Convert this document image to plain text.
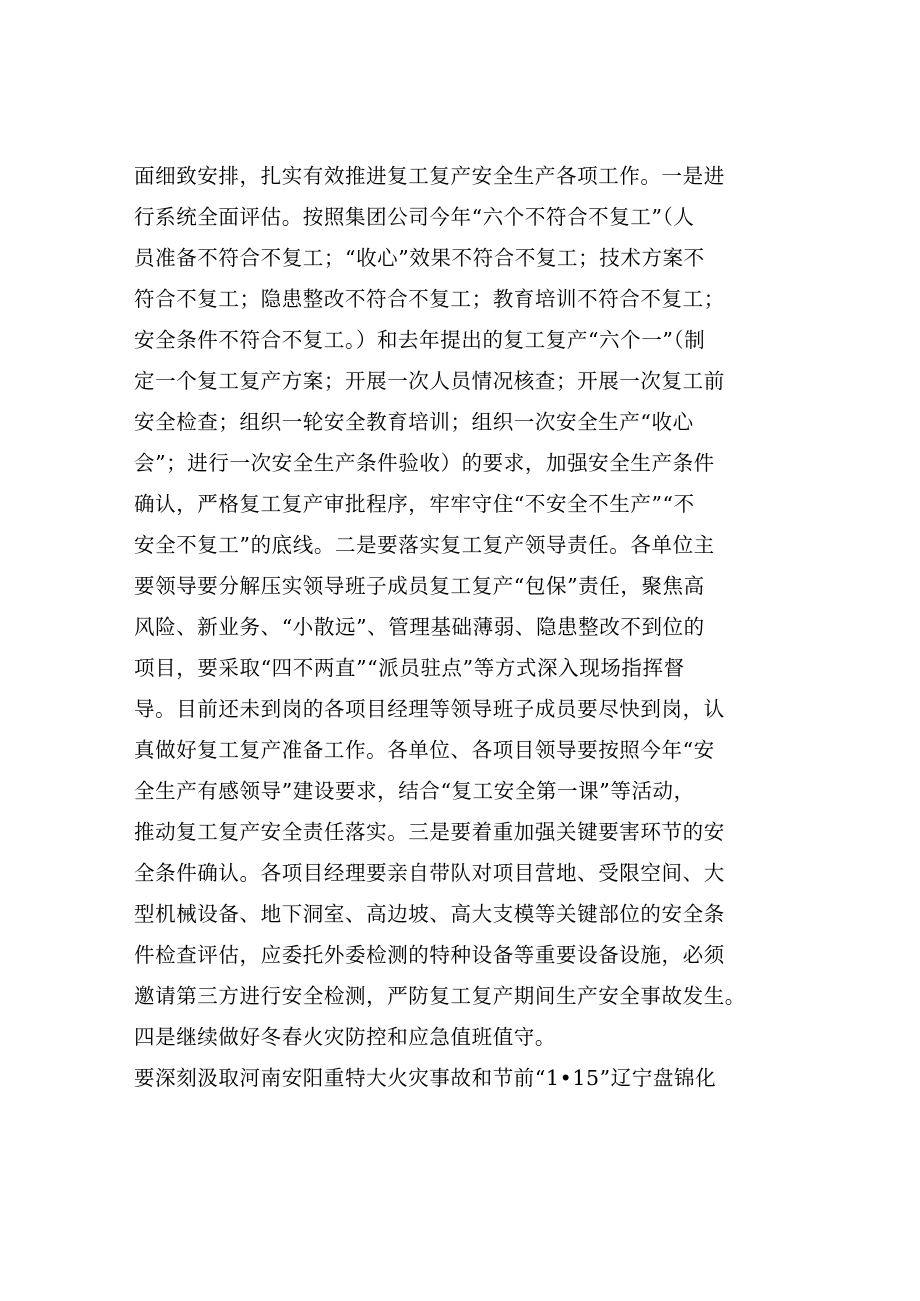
面细致安排，扎实有效推进复工复产安全生产各项工作。一是进
行系统全面评估。按照集团公司今年“六个不符合不复工”（人
员准备不符合不复工；“收心”效果不符合不复工；技术方案不
符合不复工；隐患整改不符合不复工；教育培训不符合不复工；
安全条件不符合不复工。）和去年提出的复工复产“六个一”（制
定一个复工复产方案；开展一次人员情况核查；开展一次复工前
安全检查；组织一轮安全教育培训；组织一次安全生产“收心
会”；进行一次安全生产条件验收）的要求，加强安全生产条件
确认，严格复工复产审批程序，牢牢守住“不安全不生产”“不
安全不复工”的底线。二是要落实复工复产领导责任。各单位主
要领导要分解压实领导班子成员复工复产“包保”责任，聚焦高
风险、新业务、“小散远”、管理基础薄弱、隐患整改不到位的
项目，要采取“四不两直”“派员驻点”等方式深入现场指挥督
导。目前还未到岗的各项目经理等领导班子成员要尽快到岗，认
真做好复工复产准备工作。各单位、各项目领导要按照今年“安
全生产有感领导”建设要求，结合“复工安全第一课”等活动，
推动复工复产安全责任落实。三是要着重加强关键要害环节的安
全条件确认。各项目经理要亲自带队对项目营地、受限空间、大
型机械设备、地下洞室、高边坡、高大支模等关键部位的安全条
件检查评估，应委托外委检测的特种设备等重要设备设施，必须
邀请第三方进行安全检测，严防复工复产期间生产安全事故发生。
四是继续做好冬春火灾防控和应急值班值守。
要深刻汲取河南安阳重特大火灾事故和节前“1•15”辽宁盘锦化
